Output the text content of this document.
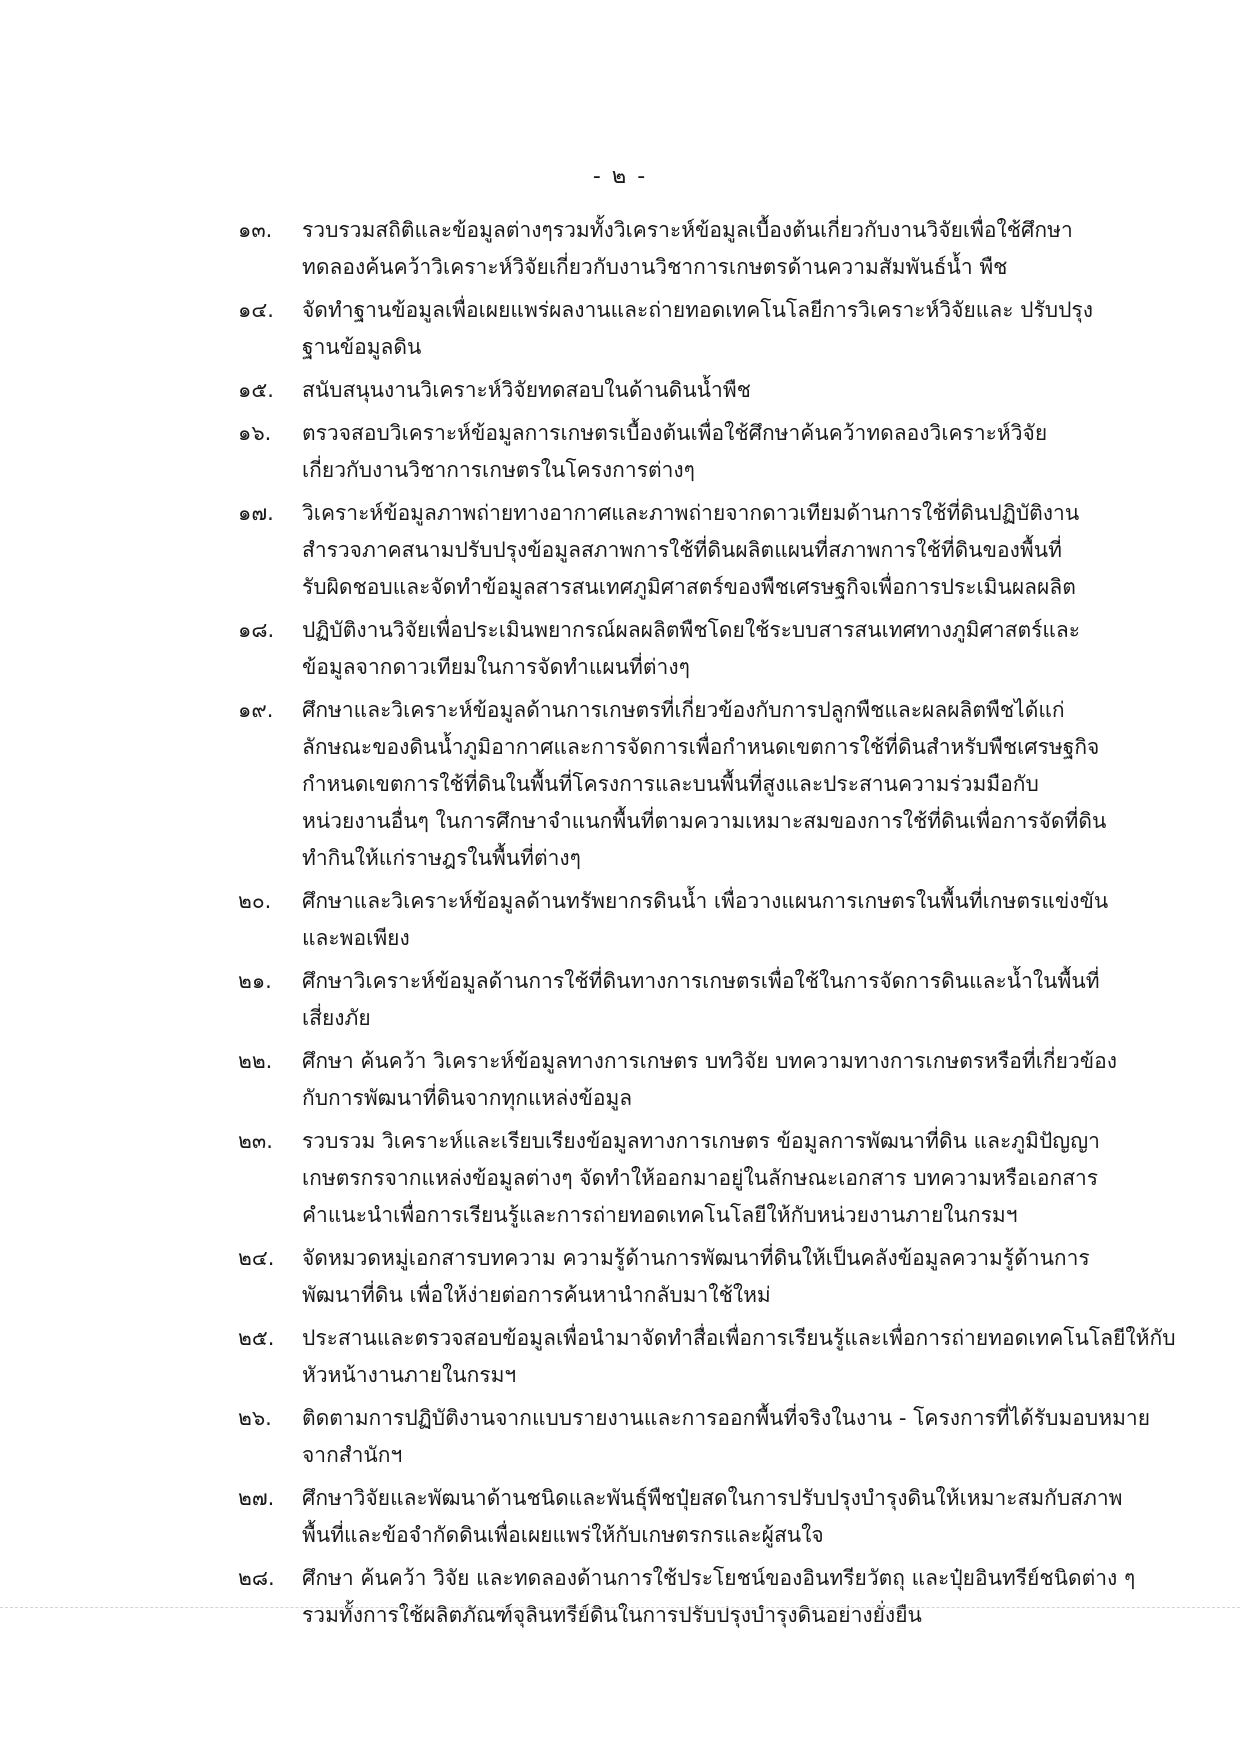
- ๒ -
๑๓.	รวบรวมสถิติและข้อมูลต่างๆรวมทั้งวิเคราะห์ข้อมูลเบื้องต้นเกี่ยวกับงานวิจัยเพื่อใช้ศึกษา
ทดลองค้นคว้าวิเคราะห์วิจัยเกี่ยวกับงานวิชาการเกษตรด้านความสัมพันธ์น้ำ พืช
๑๔.	จัดทำฐานข้อมูลเพื่อเผยแพร่ผลงานและถ่ายทอดเทคโนโลยีการวิเคราะห์วิจัยและ ปรับปรุง
ฐานข้อมูลดิน
๑๕.	สนับสนุนงานวิเคราะห์วิจัยทดสอบในด้านดินน้ำพืช
๑๖.	ตรวจสอบวิเคราะห์ข้อมูลการเกษตรเบื้องต้นเพื่อใช้ศึกษาค้นคว้าทดลองวิเคราะห์วิจัย
เกี่ยวกับงานวิชาการเกษตรในโครงการต่างๆ
๑๗.	วิเคราะห์ข้อมูลภาพถ่ายทางอากาศและภาพถ่ายจากดาวเทียมด้านการใช้ที่ดินปฏิบัติงาน
สำรวจภาคสนามปรับปรุงข้อมูลสภาพการใช้ที่ดินผลิตแผนที่สภาพการใช้ที่ดินของพื้นที่
รับผิดชอบและจัดทำข้อมูลสารสนเทศภูมิศาสตร์ของพืชเศรษฐกิจเพื่อการประเมินผลผลิต
๑๘.	ปฏิบัติงานวิจัยเพื่อประเมินพยากรณ์ผลผลิตพืชโดยใช้ระบบสารสนเทศทางภูมิศาสตร์และ
ข้อมูลจากดาวเทียมในการจัดทำแผนที่ต่างๆ
๑๙.	ศึกษาและวิเคราะห์ข้อมูลด้านการเกษตรที่เกี่ยวข้องกับการปลูกพืชและผลผลิตพืชได้แก่
ลักษณะของดินน้ำภูมิอากาศและการจัดการเพื่อกำหนดเขตการใช้ที่ดินสำหรับพืชเศรษฐกิจ
กำหนดเขตการใช้ที่ดินในพื้นที่โครงการและบนพื้นที่สูงและประสานความร่วมมือกับ
หน่วยงานอื่นๆ ในการศึกษาจำแนกพื้นที่ตามความเหมาะสมของการใช้ที่ดินเพื่อการจัดที่ดิน
ทำกินให้แก่ราษฎรในพื้นที่ต่างๆ
๒๐.	ศึกษาและวิเคราะห์ข้อมูลด้านทรัพยากรดินน้ำ เพื่อวางแผนการเกษตรในพื้นที่เกษตรแข่งขัน
และพอเพียง
๒๑.	ศึกษาวิเคราะห์ข้อมูลด้านการใช้ที่ดินทางการเกษตรเพื่อใช้ในการจัดการดินและน้ำในพื้นที่
เสี่ยงภัย
๒๒.	ศึกษา ค้นคว้า วิเคราะห์ข้อมูลทางการเกษตร บทวิจัย บทความทางการเกษตรหรือที่เกี่ยวข้อง
กับการพัฒนาที่ดินจากทุกแหล่งข้อมูล
๒๓.	รวบรวม วิเคราะห์และเรียบเรียงข้อมูลทางการเกษตร ข้อมูลการพัฒนาที่ดิน และภูมิปัญญา
เกษตรกรจากแหล่งข้อมูลต่างๆ จัดทำให้ออกมาอยู่ในลักษณะเอกสาร บทความหรือเอกสาร
คำแนะนำเพื่อการเรียนรู้และการถ่ายทอดเทคโนโลยีให้กับหน่วยงานภายในกรมฯ
๒๔.	จัดหมวดหมู่เอกสารบทความ ความรู้ด้านการพัฒนาที่ดินให้เป็นคลังข้อมูลความรู้ด้านการ
พัฒนาที่ดิน เพื่อให้ง่ายต่อการค้นหานำกลับมาใช้ใหม่
๒๕.	ประสานและตรวจสอบข้อมูลเพื่อนำมาจัดทำสื่อเพื่อการเรียนรู้และเพื่อการถ่ายทอดเทคโนโลยีให้กับ
หัวหน้างานภายในกรมฯ
๒๖.	ติดตามการปฏิบัติงานจากแบบรายงานและการออกพื้นที่จริงในงาน - โครงการที่ได้รับมอบหมาย
จากสำนักฯ
๒๗.	ศึกษาวิจัยและพัฒนาด้านชนิดและพันธุ์พืชปุ๋ยสดในการปรับปรุงบำรุงดินให้เหมาะสมกับสภาพ
พื้นที่และข้อจำกัดดินเพื่อเผยแพร่ให้กับเกษตรกรและผู้สนใจ
๒๘.	ศึกษา ค้นคว้า วิจัย และทดลองด้านการใช้ประโยชน์ของอินทรียวัตถุ และปุ๋ยอินทรีย์ชนิดต่าง ๆ
รวมทั้งการใช้ผลิตภัณฑ์จุลินทรีย์ดินในการปรับปรุงบำรุงดินอย่างยั่งยืน
